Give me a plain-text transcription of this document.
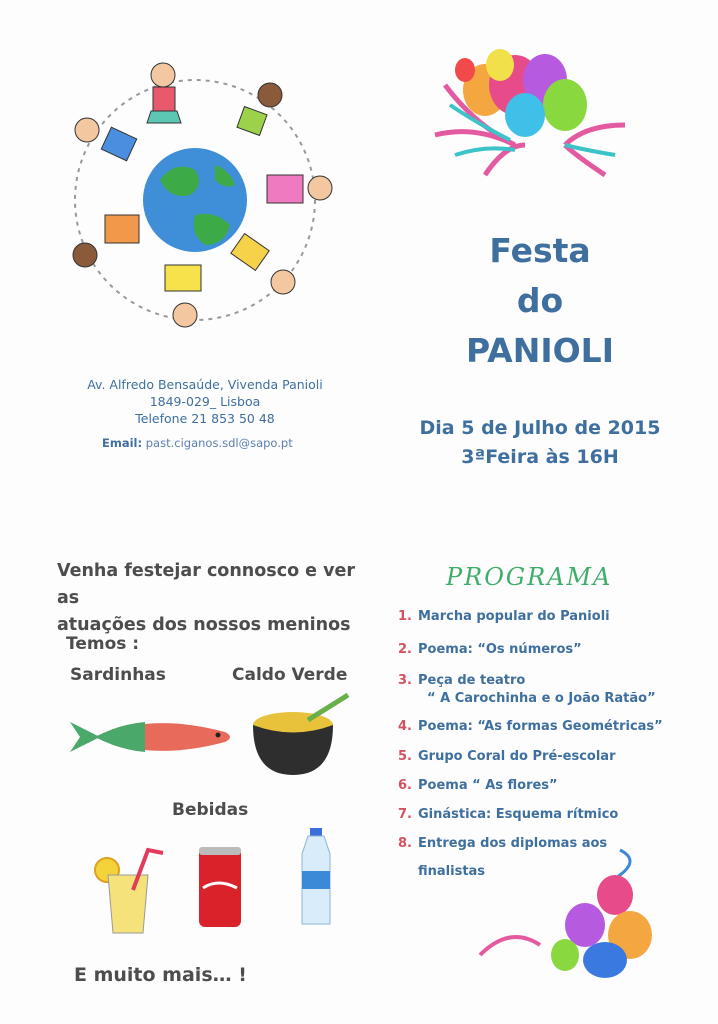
Av. Alfredo Bensaúde, Vivenda Panioli
1849-029_ Lisboa
Telefone 21 853 50 48
Email: past.ciganos.sdl@sapo.pt
Festa
do
PANIOLI
Dia 5 de Julho de 2015
3ªFeira às 16H
Venha festejar connosco e ver as
atuações dos nossos meninos
Temos :
Sardinhas	Caldo Verde
Bebidas
E muito mais… !
PROGRAMA
1. Marcha popular do Panioli
2. Poema: “Os números”
3. Peça de teatro
“ A Carochinha e o João Ratão”
4. Poema: “As formas Geométricas”
5. Grupo Coral do Pré-escolar
6. Poema “ As flores”
7. Ginástica: Esquema rítmico
8. Entrega dos diplomas aos
finalistas
